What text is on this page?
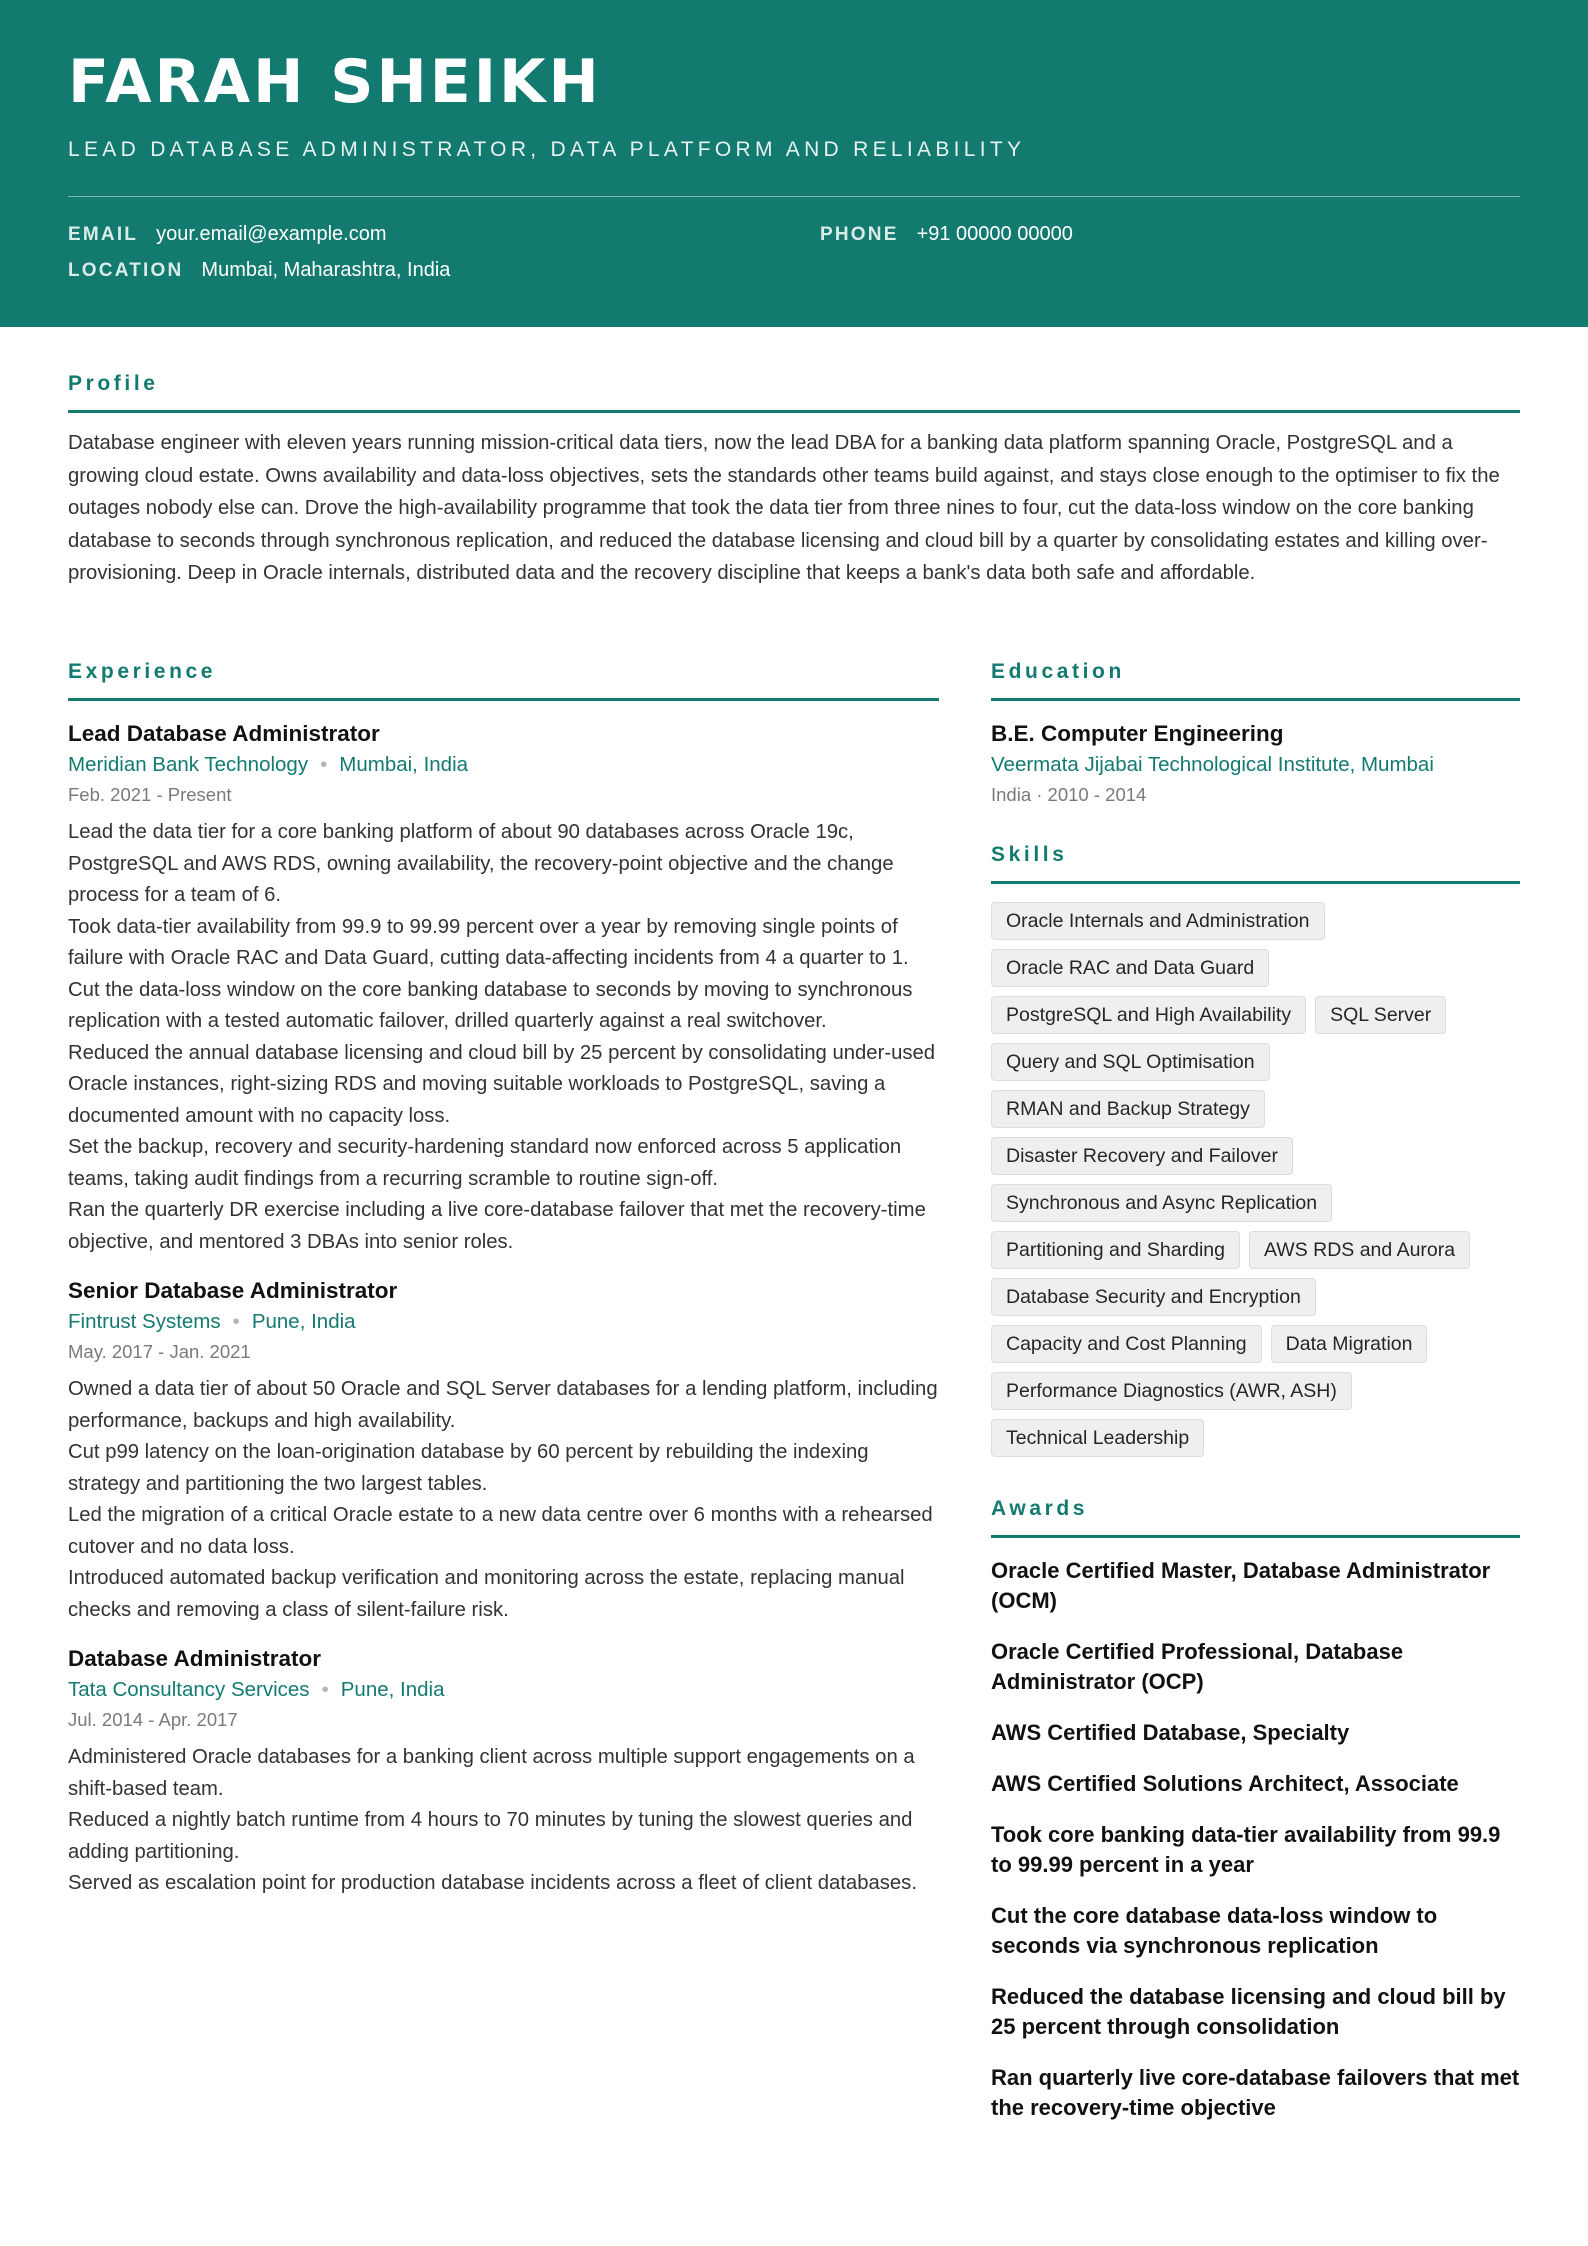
FARAH SHEIKH
LEAD DATABASE ADMINISTRATOR, DATA PLATFORM AND RELIABILITY
EMAIL your.email@example.com	PHONE +91 00000 00000
LOCATION Mumbai, Maharashtra, India
Profile
Database engineer with eleven years running mission-critical data tiers, now the lead DBA for a banking data platform spanning Oracle, PostgreSQL and a growing cloud estate. Owns availability and data-loss objectives, sets the standards other teams build against, and stays close enough to the optimiser to fix the outages nobody else can. Drove the high-availability programme that took the data tier from three nines to four, cut the data-loss window on the core banking database to seconds through synchronous replication, and reduced the database licensing and cloud bill by a quarter by consolidating estates and killing over-provisioning. Deep in Oracle internals, distributed data and the recovery discipline that keeps a bank's data both safe and affordable.
Experience
Lead Database Administrator
Meridian Bank Technology • Mumbai, India
Feb. 2021 - Present
Lead the data tier for a core banking platform of about 90 databases across Oracle 19c, PostgreSQL and AWS RDS, owning availability, the recovery-point objective and the change process for a team of 6.
Took data-tier availability from 99.9 to 99.99 percent over a year by removing single points of failure with Oracle RAC and Data Guard, cutting data-affecting incidents from 4 a quarter to 1.
Cut the data-loss window on the core banking database to seconds by moving to synchronous replication with a tested automatic failover, drilled quarterly against a real switchover.
Reduced the annual database licensing and cloud bill by 25 percent by consolidating under-used Oracle instances, right-sizing RDS and moving suitable workloads to PostgreSQL, saving a documented amount with no capacity loss.
Set the backup, recovery and security-hardening standard now enforced across 5 application teams, taking audit findings from a recurring scramble to routine sign-off.
Ran the quarterly DR exercise including a live core-database failover that met the recovery-time objective, and mentored 3 DBAs into senior roles.
Senior Database Administrator
Fintrust Systems • Pune, India
May. 2017 - Jan. 2021
Owned a data tier of about 50 Oracle and SQL Server databases for a lending platform, including performance, backups and high availability.
Cut p99 latency on the loan-origination database by 60 percent by rebuilding the indexing strategy and partitioning the two largest tables.
Led the migration of a critical Oracle estate to a new data centre over 6 months with a rehearsed cutover and no data loss.
Introduced automated backup verification and monitoring across the estate, replacing manual checks and removing a class of silent-failure risk.
Database Administrator
Tata Consultancy Services • Pune, India
Jul. 2014 - Apr. 2017
Administered Oracle databases for a banking client across multiple support engagements on a shift-based team.
Reduced a nightly batch runtime from 4 hours to 70 minutes by tuning the slowest queries and adding partitioning.
Served as escalation point for production database incidents across a fleet of client databases.
Education
B.E. Computer Engineering
Veermata Jijabai Technological Institute, Mumbai
India · 2010 - 2014
Skills
Oracle Internals and Administration
Oracle RAC and Data Guard
PostgreSQL and High Availability	SQL Server
Query and SQL Optimisation
RMAN and Backup Strategy
Disaster Recovery and Failover
Synchronous and Async Replication
Partitioning and Sharding	AWS RDS and Aurora
Database Security and Encryption
Capacity and Cost Planning	Data Migration
Performance Diagnostics (AWR, ASH)
Technical Leadership
Awards
Oracle Certified Master, Database Administrator (OCM)
Oracle Certified Professional, Database Administrator (OCP)
AWS Certified Database, Specialty
AWS Certified Solutions Architect, Associate
Took core banking data-tier availability from 99.9 to 99.99 percent in a year
Cut the core database data-loss window to seconds via synchronous replication
Reduced the database licensing and cloud bill by 25 percent through consolidation
Ran quarterly live core-database failovers that met the recovery-time objective
